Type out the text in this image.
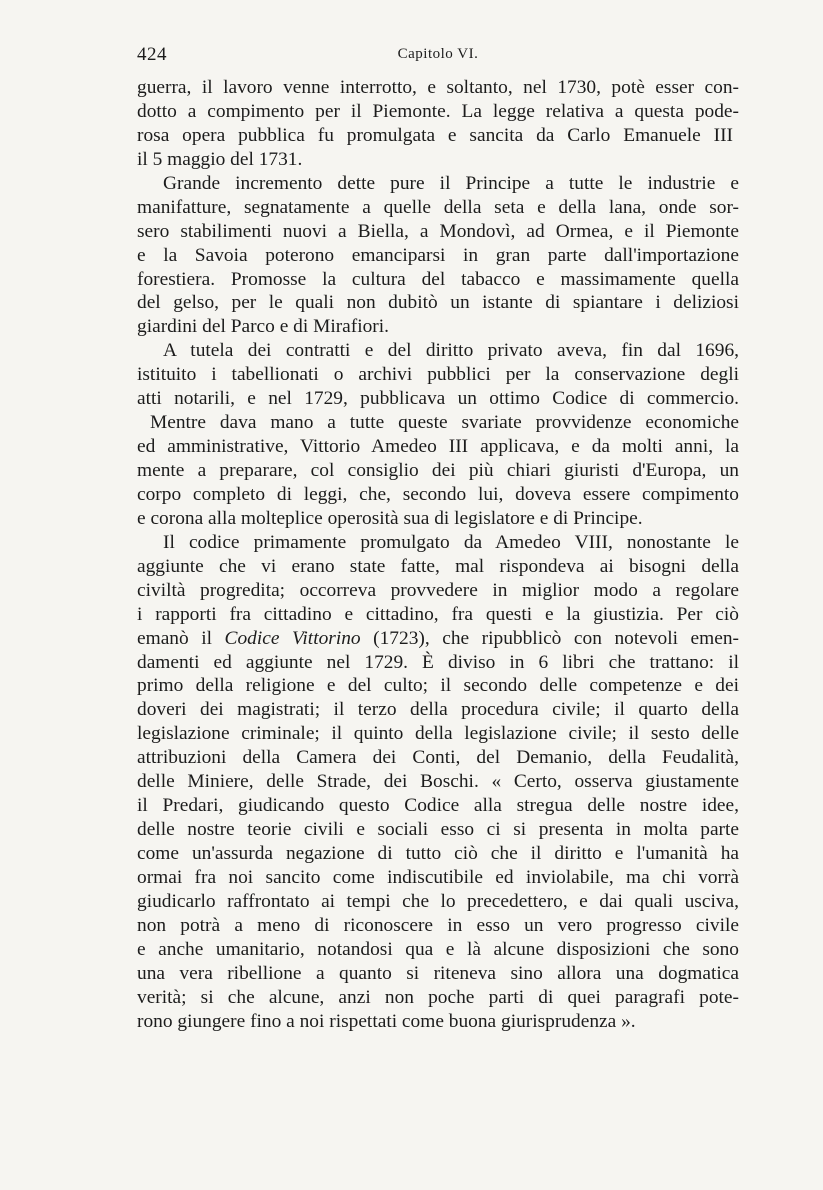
424	Capitolo VI.
guerra, il lavoro venne interrotto, e soltanto, nel 1730, potè esser con-
dotto a compimento per il Piemonte. La legge relativa a questa pode-
rosa opera pubblica fu promulgata e sancita da Carlo Emanuele III
il 5 maggio del 1731.
Grande incremento dette pure il Principe a tutte le industrie e
manifatture, segnatamente a quelle della seta e della lana, onde sor-
sero stabilimenti nuovi a Biella, a Mondovì, ad Ormea, e il Piemonte
e la Savoia poterono emanciparsi in gran parte dall'importazione
forestiera. Promosse la cultura del tabacco e massimamente quella
del gelso, per le quali non dubitò un istante di spiantare i deliziosi
giardini del Parco e di Mirafiori.
A tutela dei contratti e del diritto privato aveva, fin dal 1696,
istituito i tabellionati o archivi pubblici per la conservazione degli
atti notarili, e nel 1729, pubblicava un ottimo Codice di commercio.
Mentre dava mano a tutte queste svariate provvidenze economiche
ed amministrative, Vittorio Amedeo III applicava, e da molti anni, la
mente a preparare, col consiglio dei più chiari giuristi d'Europa, un
corpo completo di leggi, che, secondo lui, doveva essere compimento
e corona alla molteplice operosità sua di legislatore e di Principe.
Il codice primamente promulgato da Amedeo VIII, nonostante le
aggiunte che vi erano state fatte, mal rispondeva ai bisogni della
civiltà progredita; occorreva provvedere in miglior modo a regolare
i rapporti fra cittadino e cittadino, fra questi e la giustizia. Per ciò
emanò il Codice Vittorino (1723), che ripubblicò con notevoli emen-
damenti ed aggiunte nel 1729. È diviso in 6 libri che trattano: il
primo della religione e del culto; il secondo delle competenze e dei
doveri dei magistrati; il terzo della procedura civile; il quarto della
legislazione criminale; il quinto della legislazione civile; il sesto delle
attribuzioni della Camera dei Conti, del Demanio, della Feudalità,
delle Miniere, delle Strade, dei Boschi. « Certo, osserva giustamente
il Predari, giudicando questo Codice alla stregua delle nostre idee,
delle nostre teorie civili e sociali esso ci si presenta in molta parte
come un'assurda negazione di tutto ciò che il diritto e l'umanità ha
ormai fra noi sancito come indiscutibile ed inviolabile, ma chi vorrà
giudicarlo raffrontato ai tempi che lo precedettero, e dai quali usciva,
non potrà a meno di riconoscere in esso un vero progresso civile
e anche umanitario, notandosi qua e là alcune disposizioni che sono
una vera ribellione a quanto si riteneva sino allora una dogmatica
verità; si che alcune, anzi non poche parti di quei paragrafi pote-
rono giungere fino a noi rispettati come buona giurisprudenza ».
